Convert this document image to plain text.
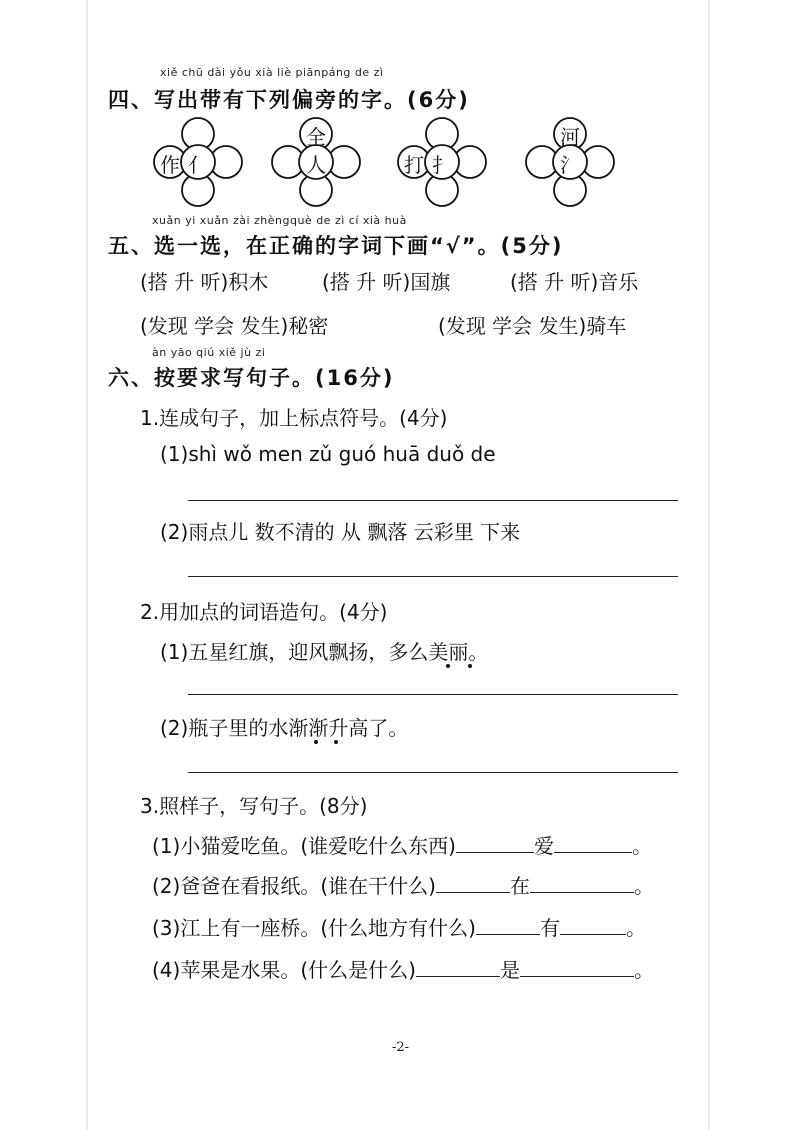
xiě chū dài yǒu xià liè piānpáng de zì
四、写出带有下列偏旁的字。(6分)
亻
作	人
全
扌
打	氵
河
xuǎn yi xuǎn zài zhèngquè de zì cí xià huà
五、选一选，在正确的字词下画“√”。(5分)
(搭 升 听)积木	(搭 升 听)国旗	(搭 升 听)音乐
(发现 学会 发生)秘密	(发现 学会 发生)骑车
àn yāo qiú xiě jù zi
六、按要求写句子。(16分)
1.连成句子，加上标点符号。(4分)
(1)shì wǒ men zǔ guó huā duǒ de
(2)雨点儿 数不清的 从 飘落 云彩里 下来
2.用加点的词语造句。(4分)
(1)五星红旗，迎风飘扬，多么美丽。
(2)瓶子里的水渐渐升高了。
3.照样子，写句子。(8分)
(1)小猫爱吃鱼。(谁爱吃什么东西)	爱	。
(2)爸爸在看报纸。(谁在干什么)	在	。
(3)江上有一座桥。(什么地方有什么)	有	。
(4)苹果是水果。(什么是什么)	是	。
-2-
